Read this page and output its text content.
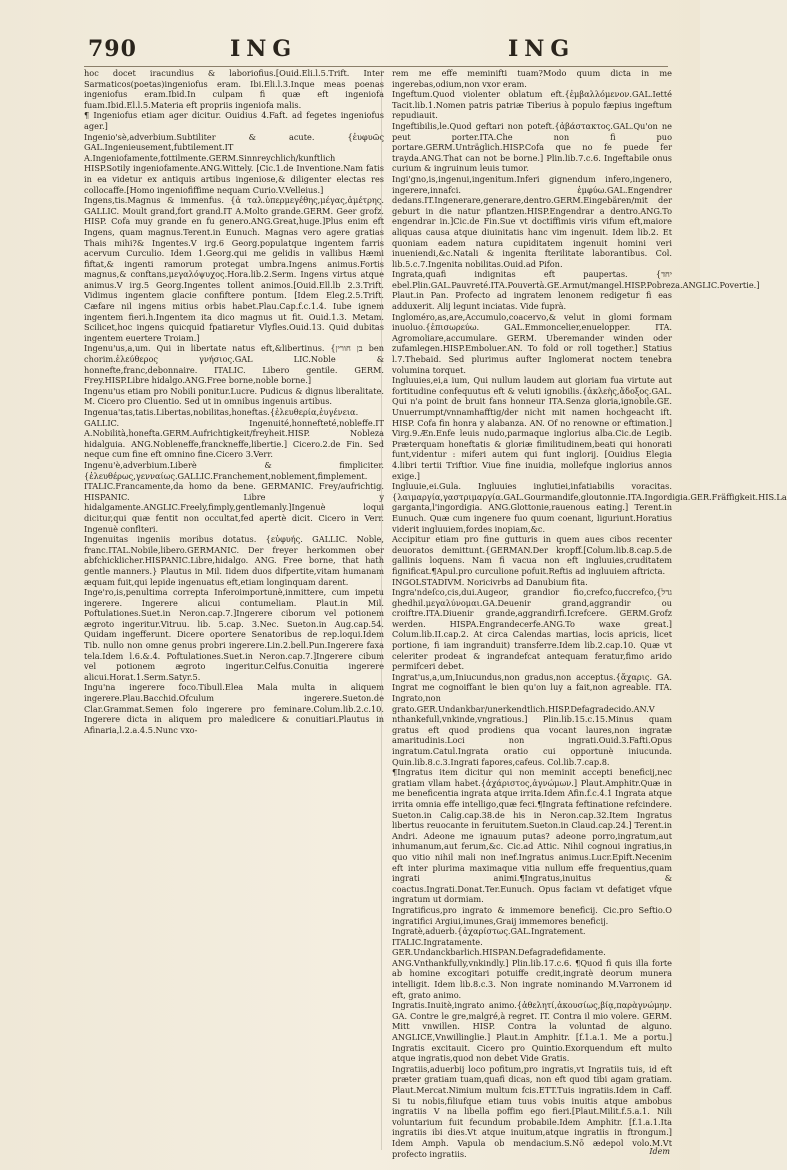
790	ING	ING

hoc docet iracundius & laboriofius.[Ouid.Eli.l.5.Trift. Inter Sarmaticos(poetas)ingeniofus eram. Ibi.Eli.l.3.Inque meas poenas ingeniofus eram.Ibid.In culpam fi quæ eft ingeniofa fuam.Ibid.El.l.5.Materia eft propriis ingeniofa malis.

¶ Ingeniofus etiam ager dicitur. Ouidius 4.Faft. ad fegetes ingeniofus ager.]

Ingenio'sè,adverbium.Subtiliter & acute. {ἐυφυῶς GAL.Ingenieusement,fubtilement.IT A.Ingeniofamente,fottilmente.GERM.Sinnreychlich/kunftlich HISP.Sotily ingeniofamente.ANG.Wittely. [Cic.1.de Inventione.Nam fatis in ea videtur ex antiquis artibus ingeniose,& diligenter electas res collocaffe.[Homo ingeniofiffime nequam Curio.V.Velleius.]

Ingens,tis.Magnus & immenfus. {ἀ ταλ.ὑπερμεγέθης,μέγας,ἀμέτρης. GALLIC. Moult grand,fort grand.IT A.Molto grande.GERM. Geer grofz. HISP. Cofa muy grande en fu genero.ANG.Great,huge.]Plus enim eft Ingens, quam magnus.Terent.in Eunuch. Magnas vero agere gratias Thais mihi?& Ingentes.V irg.6 Georg.populatque ingentem farris acervum Curculio. Idem 1.Georg.qui me gelidis in vallibus Hæmi fiftat,& ingenti ramorum protegat umbra.Ingens animus.Fortis magnus,& conftans,μεγαλόψυχος.Hora.lib.2.Serm. Ingens virtus atque animus.V irg.5 Georg.Ingentes tollent animos.[Ouid.Ell.lb 2.3.Trift. Vidimus ingentem glacie confiftere pontum. [Idem Eleg.2.5.Trift. Cæfare nil ingens mitius orbis habet.Plau.Cap.f.c.1.4. Iube ignem ingentem fieri.h.Ingentem ita dico magnus ut fit. Ouid.1.3. Metam. Scilicet,hoc ingens quicquid fpatiaretur Vlyfles.Ouid.13. Quid dubitas ingentem euertere Troiam.]

Ingenu'us,a,um. Qui in libertate natus eft,&libertinus. {בן חורין ben chorim.ἐλεύθερος γνήσιος.GAL LIC.Noble & honnefte,franc,debonnaire. ITALIC. Libero gentile. GERM. Frey.HISP.Libre hidalgo.ANG.Free borne,noble borne.]

Ingenu'us etiam pro Nobili ponitur.Lucre. Pudicus & dignus liberalitate. M. Cicero pro Cluentio. Sed ut in omnibus ingenuis artibus.

Ingenua'tas,tatis.Libertas,nobilitas,honeftas.{ἐλευθερία,ἐυγένεια. GALLIC. Ingenuité,honnefteté,nobleffe.IT A.Nobilità,honefta.GERM.Aufrichtigkeit/freyheit.HISP. Nobleza hidalguia. ANG.Nobleneffe,franckneffe,libertie.] Cicero.2.de Fin. Sed neque cum fine eft omnino fine.Cicero 3.Verr.

Ingenu'è,adverbium.Liberè & fimpliciter.{ἐλευθέρως,γενναίως.GALLIC.Franchement,noblement,fimplement. ITALIC.Francamente,da homo da bene. GERMANIC. Frey/aufrichtig. HISPANIC. Libre y hidalgamente.ANGLIC.Freely,fimply,gentlemanly.]Ingenuè loqui dicitur,qui quæ fentit non occultat,fed apertè dicit. Cicero in Verr. Ingenuè conflteri.

Ingenuitas ingeniis moribus dotatus. {εὐφυής. GALLIC. Noble, franc.ITAL.Nobile,libero.GERMANIC. Der freyer herkommen ober abfchicklicher.HISPANIC.Libre,hidalgo. ANG. Free borne, that hath gentle manners.} Plautus in Mil. Iidem duos difpertite,vitam humanam æquam fuit,qui lepide ingenuatus eft,etiam longinquam darent.

Inge'ro,is,penultima correpta Inferoimportunè,inmittere, cum impetu ingerere. Ingerere alicui contumeliam. Plaut.in Mil. Poftulationes.Suet.in Neron.cap.7.]Ingerere ciborum vel potionem ægroto ingeritur.Vitruu. lib. 5.cap. 3.Nec. Sueton.in Aug.cap.54. Quidam ingefferunt. Dicere oportere Senatoribus de rep.loqui.Idem Tib. nullo non omne genus probri ingerere.Lin.2.bell.Pun.Ingerere faxa tela.Idem l.6.&.4. Poftulationes.Suet.in Neron.cap.7.]Ingerere cibum vel potionem ægroto ingeritur.Celfus.Conuitia ingerere alicui.Horat.1.Serm.Satyr.5.

Ingu'na ingerere foco.Tibull.Elea Mala multa in aliquem ingerere.Plau.Bacchid.Ofculum ingerere.Sueton.de Clar.Grammat.Semen folo ingerere pro feminare.Colum.lib.2.c.10. Ingerere dicta in aliquem pro maledicere & conuitiari.Plautus in Afinaria,l.2.a.4.5.Nunc vxo-

rem me effe meminifti tuam?Modo quum dicta in me ingerebas,odium,non vxor eram.

Ingeftum.Quod violenter oblatum eft.{ἐμβαλλόμενον.GAL.Ietté Tacit.lib.1.Nomen patris patriæ Tiberius à populo fæpius ingeftum repudiauit.

Ingeftibilis,le.Quod geftari non poteft.{ἀβάστακτος.GAL.Qu'on ne peut porter.ITA.Che non fi puo portare.GERM.Unträglich.HISP.Cofa que no fe puede fer trayda.ANG.That can not be borne.] Plin.lib.7.c.6. Ingeftabile onus curium & ingruinum leuis tumor.

Ingi'gno,is,ingenui,ingenitum.Inferi gignendum infero,ingenero, ingerere,innafci. ἐμφύω.GAL.Engendrer dedans.IT.Ingenerare,generare,dentro.GERM.Eingebären/mit der geburt in die natur pflantzen.HISP.Engendrar a dentro.ANG.To engendrar in.]Cic.de Fin.Sue vt doctiffimis viris vifum eft,maiore aliquas causa atque diuinitatis hanc vim ingenuit. Idem lib.2. Et quoniam eadem natura cupiditatem ingenuit homini veri inueniendi,&c.Natali & ingenita fterilitate laborantibus. Col. lib.5.c.7.Ingenita nobilitas.Ouid.ad Pifon.

Ingrata,quafi indignitas eft paupertas. {יחד ebel.Plin.GAL.Pauvreté.ITA.Pouvertà.GE.Armut/mangel.HISP.Pobreza.ANGLIC.Povertie.] Plaut.in Pan. Profecto ad ingratem lenonem redigetur fi eas adduxerit. Alij legunt inciatas. Vide fuprà.

Ingloméro,as,are,Accumulo,coacervo,& velut in glomi formam inuoluo.{ἐπισωρεύω. GAL.Emmoncelier,enuelopper. ITA. Agromoliare,accumulare. GERM. Uberemander winden oder zufamlegen.HISP.Emboluer.AN. To fold or roll together.] Statius l.7.Thebaid. Sed plurimus aufter Inglomerat noctem tenebra volumina torquet.

Ingluuies,ei,a ium, Qui nullum laudem aut gloriam fua virtute aut fortitudine confequutus eft & veluti ignobilis.{ἀκλεὴς,ἄδοξος.GAL. Qui n'a point de bruit fans honneur ITA.Senza gloria,ignobile.GE. Unuerrumpt/vnnamhafftig/der nicht mit namen hochgeacht ift. HISP. Cofa fin honra y alabanza. AN. Of no renowne or eftimation.] Virg.9.Æn.Enfe leuis nudo,parmaque inglorius alba.Cic.de Legib. Præterquam honeftatis & gloriæ fimilitudinem,beati qui honorati funt,videntur : miferi autem qui funt inglorij. [Ouidius Elegia 4.libri tertii Triftior. Viue fine inuidia, mollefque inglorius annos exige.]

Ingluuie,ei.Gula. Ingluuies inglutiei,infatiabilis voracitas.{λαιμαργία,γαστριμαργία.GAL.Gourmandife,gloutonnie.ITA.Ingordigia.GER.Fräffigkeit.HIS.La garganta,l'ingordigia. ANG.Glottonie,rauenous eating.] Terent.in Eunuch. Quæ cum ingenere fuo quum coenant, liguriunt.Horatius viderit ingluuiem,fordes inopiam,&c.

Accipitur etiam pro fine gutturis in quem aues cibos recenter deuoratos demittunt.{GERMAN.Der kropff.[Colum.lib.8.cap.5.de gallinis loquens. Nam fi vacua non eft ingluuies,cruditatem fignificat.¶Apul.pro curculione pofuit.Reftis ad ingluuiem aftricta.

INGOLSTADIVM. Noricivrbs ad Danubium fita.

Ingra'ndeſco,cis,dui.Augeor, grandior fio,crefco,fuccrefco,{גדל ghedhil.μεγαλύνομαι.GA.Deuenir grand,aggrandir ou croiftre.ITA.Diuenir grande,aggrandirfi.Icrefcere. GERM.Grofz werden. HISPA.Engrandecerfe.ANG.To waxe great.] Colum.lib.II.cap.2. At circa Calendas martias, locis apricis, licet portione, fi iam ingranduit) transferre.Idem lib.2.cap.10. Quæ vt celeriter prodeat & ingrandefcat antequam feratur,fimo arido permifceri debet.

Ingrat'us,a,um,Iniucundus,non gradus,non acceptus.{ἄχαρις. GA. Ingrat me cognoiffant le bien qu'on luy a fait,non agreable. ITA. Ingrato,non grato.GER.Undankbar/unerkendtlich.HISP.Defagradecido.AN.V nthankefull,vnkinde,vngratious.] Plin.lib.15.c.15.Minus quam gratus eft quod prodiens qua vocant laures,non ingratæ amaritudinis.Loci non ingrati.Ouid.3.Fafti.Opus ingratum.Catul.Ingrata oratio cui opportunè iniucunda. Quin.lib.8.c.3.Ingrati fapores,cafeus. Col.lib.7.cap.8.

¶Ingratus item dicitur qui non meminit accepti beneficij,nec gratiam vllam habet.{ἀχάριστος,ἀγνώμων.] Plaut.Amphitr.Quæ in me beneficentia ingrata atque irrita.Idem Afin.f.c.4.1 Ingrata atque irrita omnia effe intelligo,quæ feci.¶Ingrata feftinatione refcindere. Sueton.in Calig.cap.38.de his in Neron.cap.32.Item Ingratus libertus reuocante in feruitutem.Sueton.in Claud.cap.24.] Terent.in Andri. Adeone me ignauum putas? adeone porro,ingratum,aut inhumanum,aut ferum,&c. Cic.ad Attic. Nihil cognoui ingratius,in quo vitio nihil mali non inef.Ingratus animus.Lucr.Epift.Necenim eft inter plurima maximaque vitia nullum effe frequentius,quam ingrati animi.¶Ingratus,inuitus & coactus.Ingrati.Donat.Ter.Eunuch. Opus faciam vt defatiget vfque ingratum ut dormiam.

Ingratificus,pro ingrato & immemore beneficij. Cic.pro Seftio.O ingratifici Argiui,imunes,Graij immemores beneficij.

Ingratè,aduerb.{ἀχαρίστως.GAL.Ingratement. ITALIC.Ingratamente. GER.Undanckbarlich.HISPAN.Defagradefidamente. ANG.Vnthankfully,vnkindly.] Plin.lib.17.c.6. ¶Quod fi quis illa forte ab homine excogitari potuiffe credit,ingratè deorum munera intelligit. Idem lib.8.c.3. Non ingrate nominando M.Varronem id eft, grato animo.

Ingratis.Inuitè,ingrato animo.{ἀθελητί,ἀκουσίως,βίᾳ,παρὰγνώμην. GA. Contre le gre,malgré,à regret. IT. Contra il mio volere. GERM. Mitt vnwillen. HISP. Contra la voluntad de alguno. ANGLICE,Vnwillinglie.] Plaut.in Amphitr. [f.1.a.1. Me a portu.] Ingratis excitauit. Cicero pro Quintio.Exorquendum eft multo atque ingratis,quod non debet Vide Gratis.

Ingratiis,aduerbij loco pofitum,pro ingratis,vt Ingratiis tuis, id eft præter gratiam tuam,quafi dicas, non eft quod tibi agam gratiam. Plaut.Mercat.Nimium multum fcis.ETT.Tuis ingratiis.Idem in Caff. Si tu nobis,filiufque etiam tuus vobis inuitis atque ambobus ingratiis V na libella poffim ego fieri.[Plaut.Milit.f.5.a.1. Nili voluntarium fuit fecundum probabile.Idem Amphitr. [f.1.a.1.Ita ingratiis ibi dies.Vt atque inuitum,atque ingratiis in ftrongum.] Idem Amph. Vapula ob mendacium.S.Nō ædepol volo.M.Vt profecto ingratiis.	Idem
